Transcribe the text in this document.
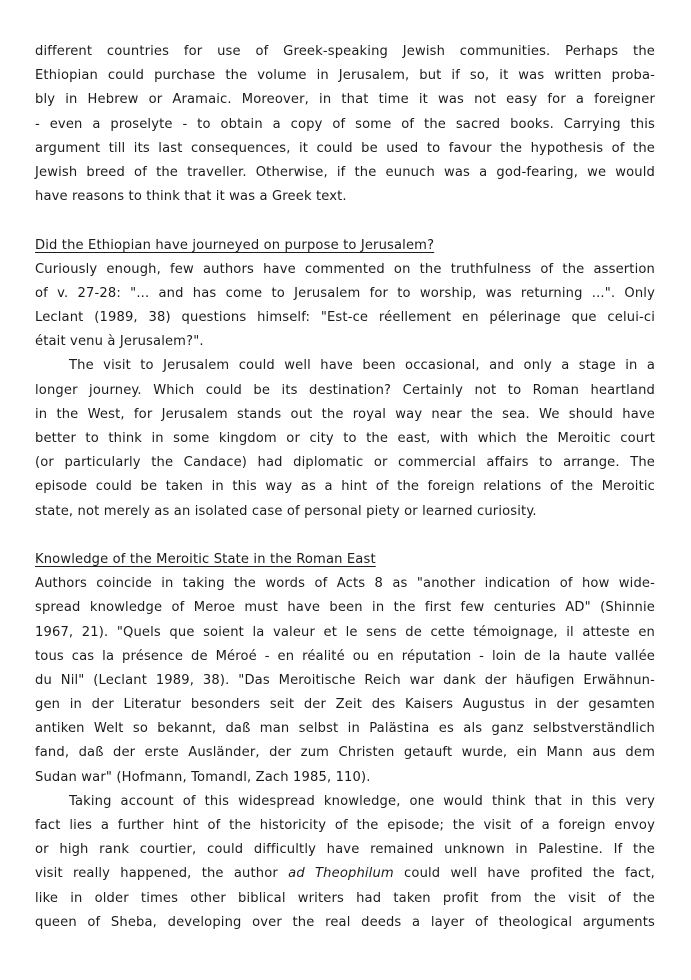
different countries for use of Greek-speaking Jewish communities. Perhaps the
Ethiopian could purchase the volume in Jerusalem, but if so, it was written proba-
bly in Hebrew or Aramaic. Moreover, in that time it was not easy for a foreigner
- even a proselyte - to obtain a copy of some of the sacred books. Carrying this
argument till its last consequences, it could be used to favour the hypothesis of the
Jewish breed of the traveller. Otherwise, if the eunuch was a god-fearing, we would
have reasons to think that it was a Greek text.
Did the Ethiopian have journeyed on purpose to Jerusalem?
Curiously enough, few authors have commented on the truthfulness of the assertion
of v. 27-28: "... and has come to Jerusalem for to worship, was returning ...". Only
Leclant (1989, 38) questions himself: "Est-ce réellement en pélerinage que celui-ci
était venu à Jerusalem?".
The visit to Jerusalem could well have been occasional, and only a stage in a
longer journey. Which could be its destination? Certainly not to Roman heartland
in the West, for Jerusalem stands out the royal way near the sea. We should have
better to think in some kingdom or city to the east, with which the Meroitic court
(or particularly the Candace) had diplomatic or commercial affairs to arrange. The
episode could be taken in this way as a hint of the foreign relations of the Meroitic
state, not merely as an isolated case of personal piety or learned curiosity.
Knowledge of the Meroitic State in the Roman East
Authors coincide in taking the words of Acts 8 as "another indication of how wide-
spread knowledge of Meroe must have been in the first few centuries AD" (Shinnie
1967, 21). "Quels que soient la valeur et le sens de cette témoignage, il atteste en
tous cas la présence de Méroé - en réalité ou en réputation - loin de la haute vallée
du Nil" (Leclant 1989, 38). "Das Meroitische Reich war dank der häufigen Erwähnun-
gen in der Literatur besonders seit der Zeit des Kaisers Augustus in der gesamten
antiken Welt so bekannt, daß man selbst in Palästina es als ganz selbstverständlich
fand, daß der erste Ausländer, der zum Christen getauft wurde, ein Mann aus dem
Sudan war" (Hofmann, Tomandl, Zach 1985, 110).
Taking account of this widespread knowledge, one would think that in this very
fact lies a further hint of the historicity of the episode; the visit of a foreign envoy
or high rank courtier, could difficultly have remained unknown in Palestine. If the
visit really happened, the author ad Theophilum could well have profited the fact,
like in older times other biblical writers had taken profit from the visit of the
queen of Sheba, developing over the real deeds a layer of theological arguments
